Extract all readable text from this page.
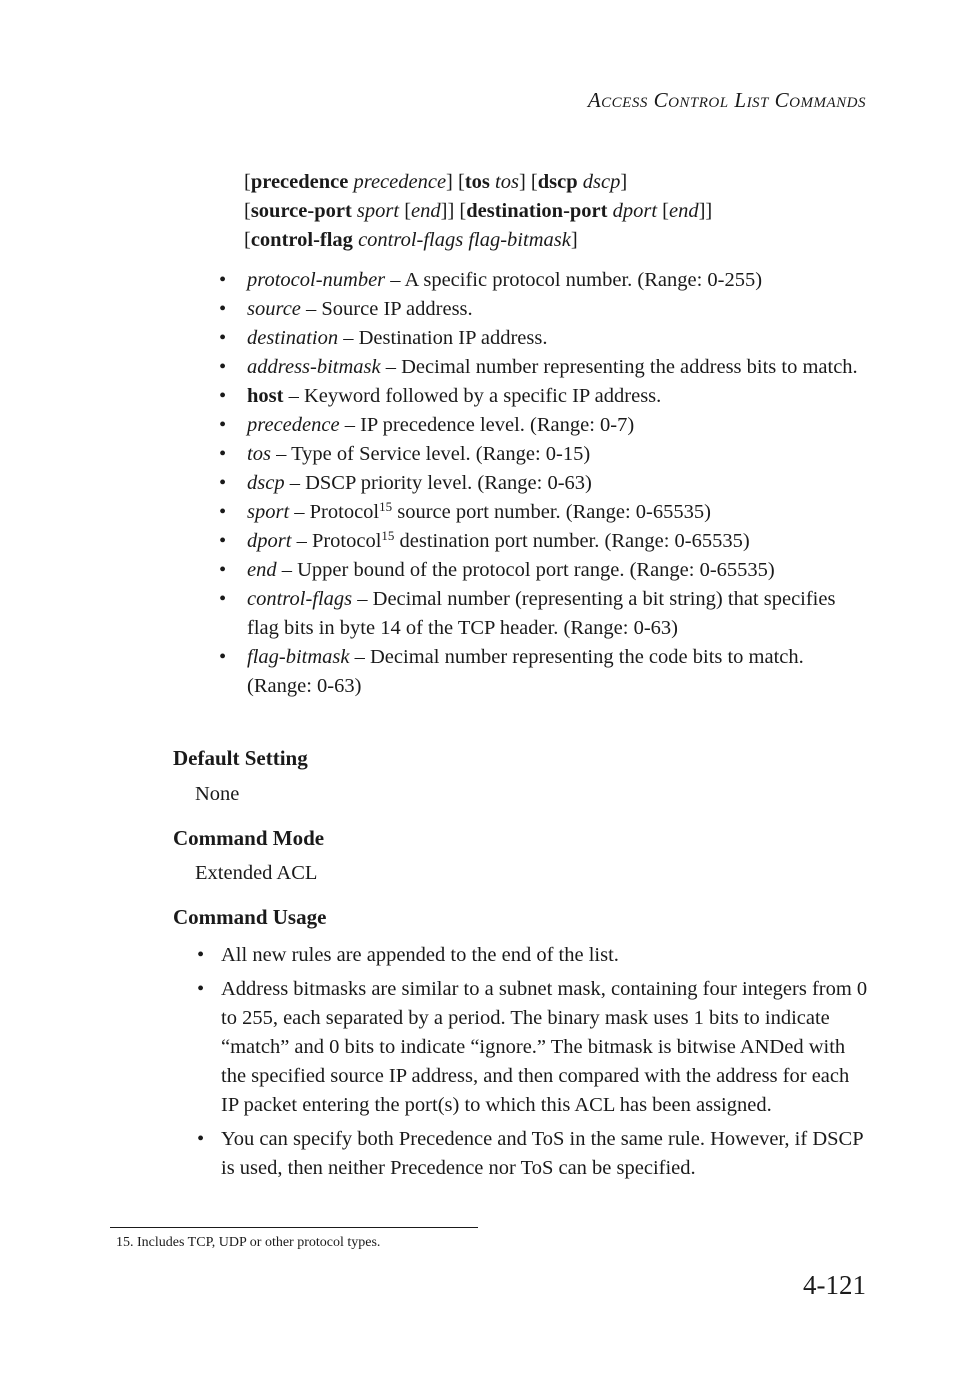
ACCESS CONTROL LIST COMMANDS
[precedence precedence] [tos tos] [dscp dscp]
[source-port sport [end]] [destination-port dport [end]]
[control-flag control-flags flag-bitmask]
• protocol-number – A specific protocol number. (Range: 0-255)
• source – Source IP address.
• destination – Destination IP address.
• address-bitmask – Decimal number representing the address bits to match.
• host – Keyword followed by a specific IP address.
• precedence – IP precedence level. (Range: 0-7)
• tos – Type of Service level. (Range: 0-15)
• dscp – DSCP priority level. (Range: 0-63)
• sport – Protocol$^{15}$ source port number. (Range: 0-65535)
• dport – Protocol$^{15}$ destination port number. (Range: 0-65535)
• end – Upper bound of the protocol port range. (Range: 0-65535)
• control-flags – Decimal number (representing a bit string) that specifies flag bits in byte 14 of the TCP header. (Range: 0-63)
• flag-bitmask – Decimal number representing the code bits to match. (Range: 0-63)
Default Setting
None
Command Mode
Extended ACL
Command Usage
• All new rules are appended to the end of the list.
• Address bitmasks are similar to a subnet mask, containing four integers from 0 to 255, each separated by a period. The binary mask uses 1 bits to indicate “match” and 0 bits to indicate “ignore.” The bitmask is bitwise ANDed with the specified source IP address, and then compared with the address for each IP packet entering the port(s) to which this ACL has been assigned.
• You can specify both Precedence and ToS in the same rule. However, if DSCP is used, then neither Precedence nor ToS can be specified.
15. Includes TCP, UDP or other protocol types.
4-121
